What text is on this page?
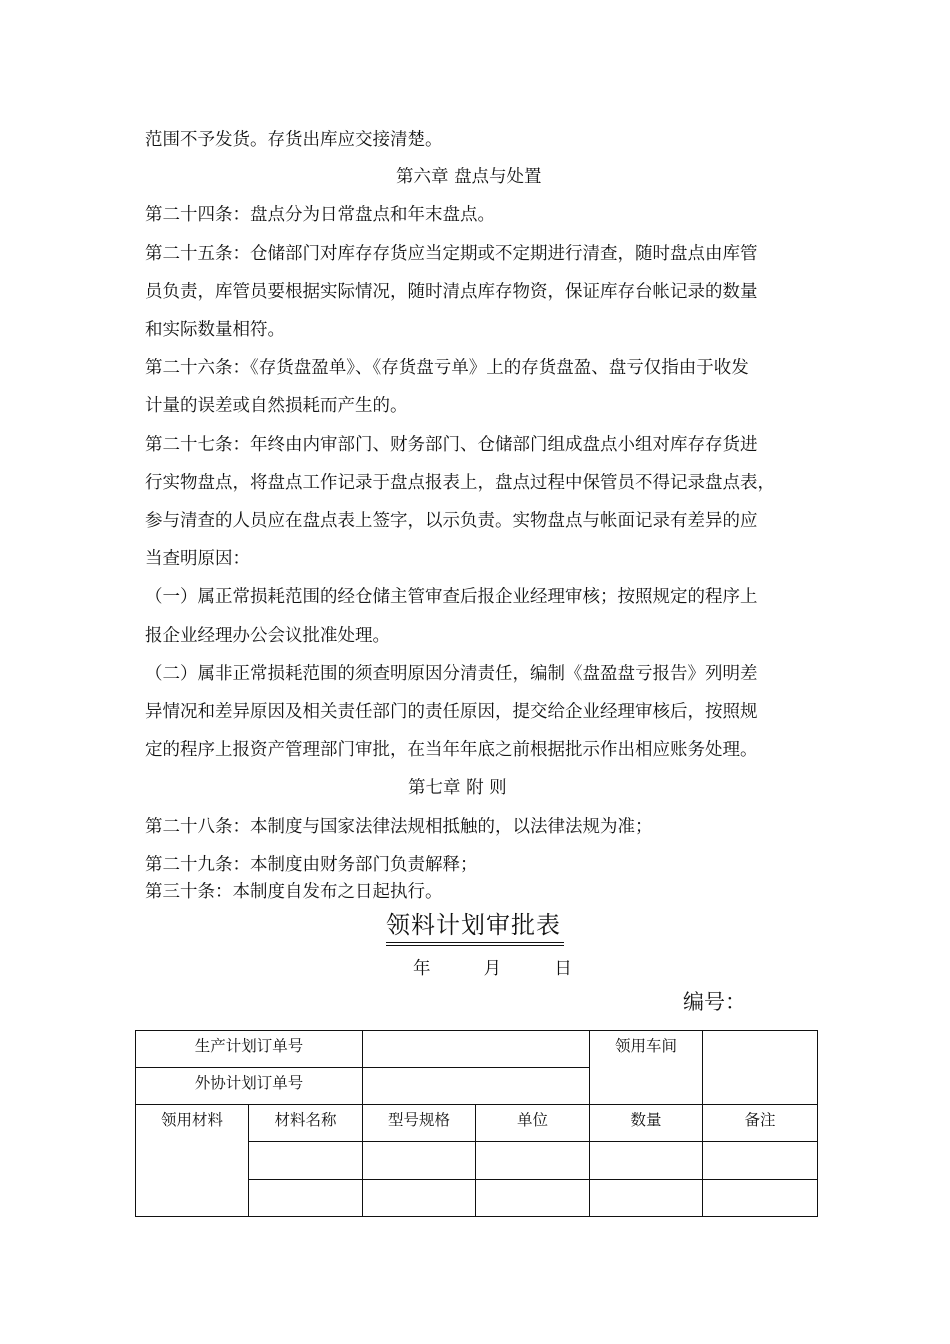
范围不予发货。存货出库应交接清楚。
第六章 盘点与处置
第二十四条：盘点分为日常盘点和年末盘点。
第二十五条：仓储部门对库存存货应当定期或不定期进行清查，随时盘点由库管
员负责，库管员要根据实际情况，随时清点库存物资，保证库存台帐记录的数量
和实际数量相符。
第二十六条：《存货盘盈单》、《存货盘亏单》上的存货盘盈、盘亏仅指由于收发
计量的误差或自然损耗而产生的。
第二十七条：年终由内审部门、财务部门、仓储部门组成盘点小组对库存存货进
行实物盘点，将盘点工作记录于盘点报表上，盘点过程中保管员不得记录盘点表，
参与清查的人员应在盘点表上签字，以示负责。实物盘点与帐面记录有差异的应
当查明原因：
（一）属正常损耗范围的经仓储主管审查后报企业经理审核；按照规定的程序上
报企业经理办公会议批准处理。
（二）属非正常损耗范围的须查明原因分清责任，编制《盘盈盘亏报告》列明差
异情况和差异原因及相关责任部门的责任原因，提交给企业经理审核后，按照规
定的程序上报资产管理部门审批，在当年年底之前根据批示作出相应账务处理。
第七章 附 则
第二十八条：本制度与国家法律法规相抵触的，以法律法规为准；
第二十九条：本制度由财务部门负责解释；
第三十条：本制度自发布之日起执行。
领料计划审批表
年	月	日
编号：
生产计划订单号				领用车间	
外协计划订单号					
领用材料	材料名称	型号规格	单位	数量	备注
